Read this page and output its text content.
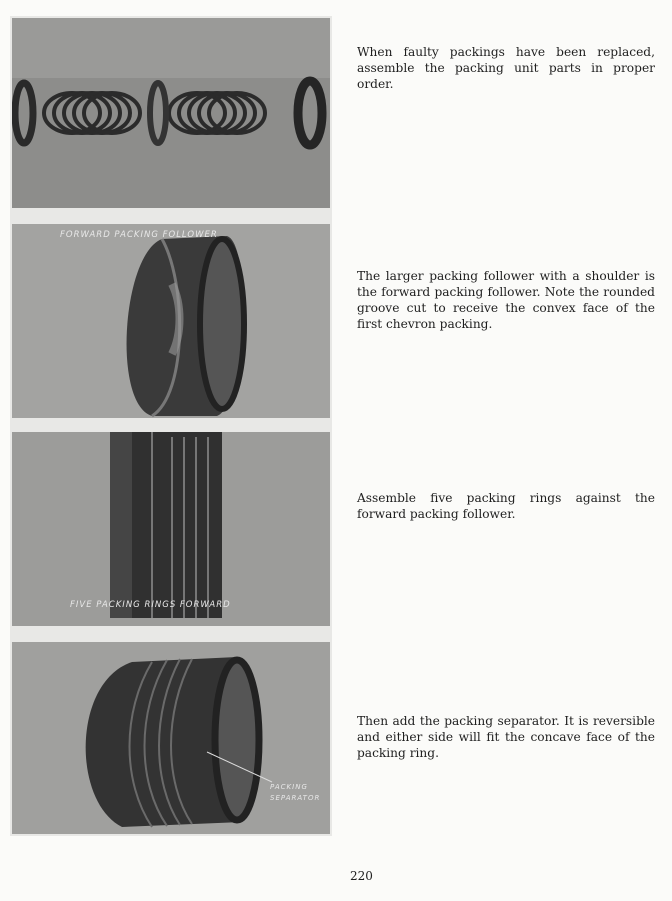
FORWARD PACKING FOLLOWER
FIVE PACKING RINGS FORWARD
PACKING SEPARATOR

When faulty packings have been replaced, assemble the packing unit parts in proper order.

The larger packing follower with a shoulder is the forward packing follower. Note the rounded groove cut to receive the convex face of the first chevron packing.

Assemble five packing rings against the forward packing follower.

Then add the packing separator. It is reversible and either side will fit the concave face of the packing ring.

220
